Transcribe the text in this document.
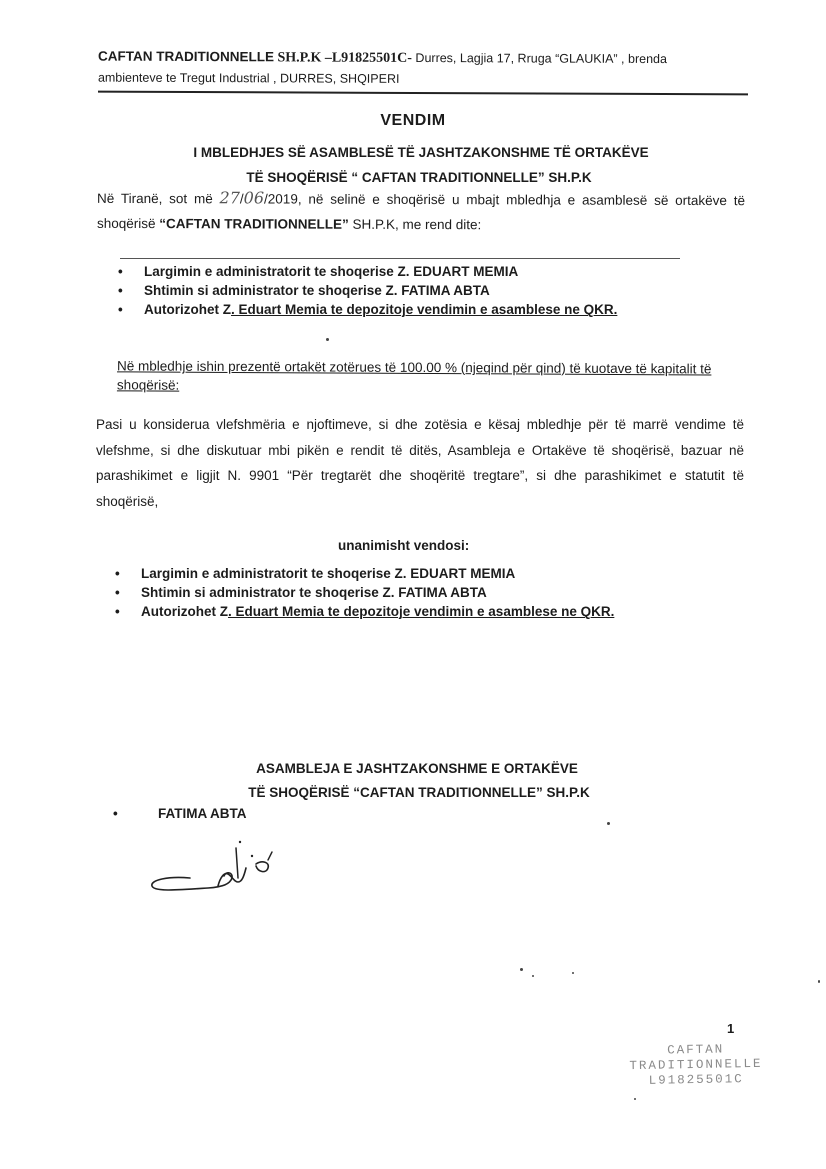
CAFTAN TRADITIONNELLE SH.P.K –L91825501C- Durres, Lagjia 17, Rruga “GLAUKIA” , brenda
ambienteve te Tregut Industrial , DURRES, SHQIPERI
VENDIM
I MBLEDHJES SË ASAMBLESË TË JASHTZAKONSHME TË ORTAKËVE
TË SHOQËRISË “ CAFTAN TRADITIONNELLE” SH.P.K
Në Tiranë, sot më 27/06/2019, në selinë e shoqërisë u mbajt mbledhja e asamblesë së ortakëve të shoqërisë “CAFTAN TRADITIONNELLE” SH.P.K, me rend dite:
• Largimin e administratorit te shoqerise Z. EDUART MEMIA
• Shtimin si administrator te shoqerise Z. FATIMA ABTA
• Autorizohet Z. Eduart Memia te depozitoje vendimin e asamblese ne QKR.
Në mbledhje ishin prezentë ortakët zotërues të 100.00 % (njeqind për qind) të kuotave të kapitalit të shoqërisë:
Pasi u konsiderua vlefshmëria e njoftimeve, si dhe zotësia e kësaj mbledhje për të marrë vendime të vlefshme, si dhe diskutuar mbi pikën e rendit të ditës, Asambleja e Ortakëve të shoqërisë, bazuar në parashikimet e ligjit N. 9901 “Për tregtarët dhe shoqëritë tregtare”, si dhe parashikimet e statutit të shoqërisë,
unanimisht vendosi:
• Largimin e administratorit te shoqerise Z. EDUART MEMIA
• Shtimin si administrator te shoqerise Z. FATIMA ABTA
• Autorizohet Z. Eduart Memia te depozitoje vendimin e asamblese ne QKR.
ASAMBLEJA E JASHTZAKONSHME E ORTAKËVE
TË SHOQËRISË “CAFTAN TRADITIONNELLE” SH.P.K
•	FATIMA ABTA
1
CAFTAN
TRADITIONNELLE
L91825501C
